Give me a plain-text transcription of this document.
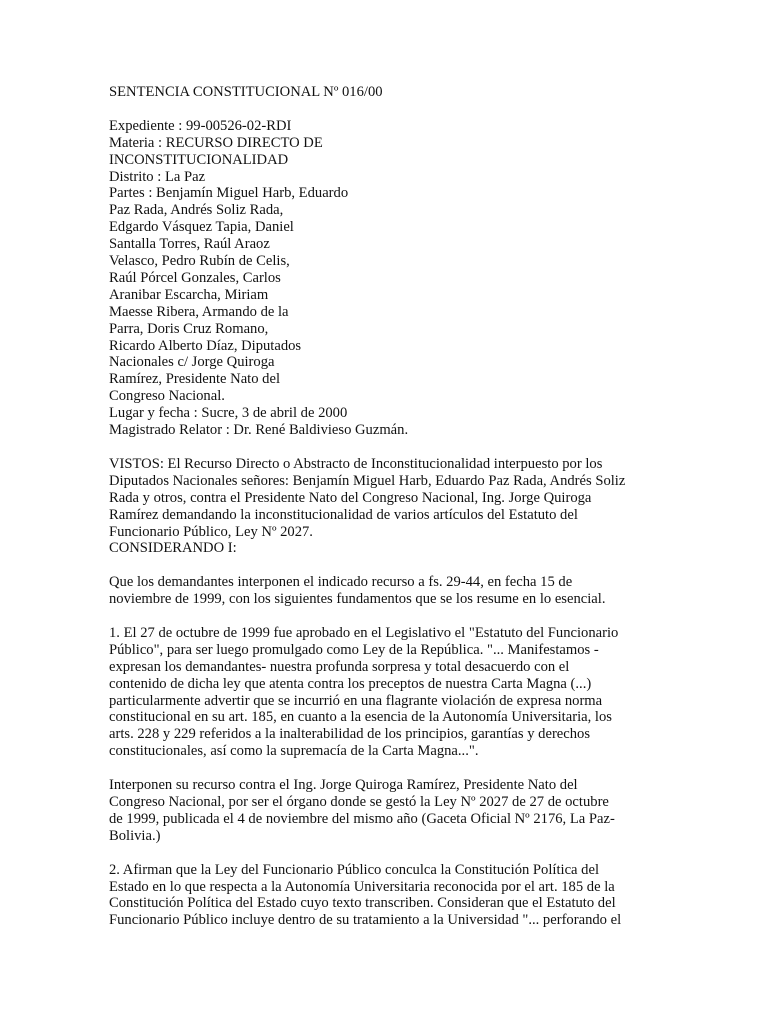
SENTENCIA CONSTITUCIONAL Nº 016/00
Expediente : 99-00526-02-RDI
Materia : RECURSO DIRECTO DE
INCONSTITUCIONALIDAD
Distrito : La Paz
Partes : Benjamín Miguel Harb, Eduardo
Paz Rada, Andrés Soliz Rada,
Edgardo Vásquez Tapia, Daniel
Santalla Torres, Raúl Araoz
Velasco, Pedro Rubín de Celis,
Raúl Pórcel Gonzales, Carlos
Aranibar Escarcha, Miriam
Maesse Ribera, Armando de la
Parra, Doris Cruz Romano,
Ricardo Alberto Díaz, Diputados
Nacionales c/ Jorge Quiroga
Ramírez, Presidente Nato del
Congreso Nacional.
Lugar y fecha : Sucre, 3 de abril de 2000
Magistrado Relator : Dr. René Baldivieso Guzmán.
VISTOS: El Recurso Directo o Abstracto de Inconstitucionalidad interpuesto por los
Diputados Nacionales señores: Benjamín Miguel Harb, Eduardo Paz Rada, Andrés Soliz
Rada y otros, contra el Presidente Nato del Congreso Nacional, Ing. Jorge Quiroga
Ramírez demandando la inconstitucionalidad de varios artículos del Estatuto del
Funcionario Público, Ley Nº 2027.
CONSIDERANDO I:
Que los demandantes interponen el indicado recurso a fs. 29-44, en fecha 15 de
noviembre de 1999, con los siguientes fundamentos que se los resume en lo esencial.
1. El 27 de octubre de 1999 fue aprobado en el Legislativo el "Estatuto del Funcionario
Público", para ser luego promulgado como Ley de la República. "... Manifestamos -
expresan los demandantes- nuestra profunda sorpresa y total desacuerdo con el
contenido de dicha ley que atenta contra los preceptos de nuestra Carta Magna (...)
particularmente advertir que se incurrió en una flagrante violación de expresa norma
constitucional en su art. 185, en cuanto a la esencia de la Autonomía Universitaria, los
arts. 228 y 229 referidos a la inalterabilidad de los principios, garantías y derechos
constitucionales, así como la supremacía de la Carta Magna...".
Interponen su recurso contra el Ing. Jorge Quiroga Ramírez, Presidente Nato del
Congreso Nacional, por ser el órgano donde se gestó la Ley Nº 2027 de 27 de octubre
de 1999, publicada el 4 de noviembre del mismo año (Gaceta Oficial Nº 2176, La Paz-
Bolivia.)
2. Afirman que la Ley del Funcionario Público conculca la Constitución Política del
Estado en lo que respecta a la Autonomía Universitaria reconocida por el art. 185 de la
Constitución Política del Estado cuyo texto transcriben. Consideran que el Estatuto del
Funcionario Público incluye dentro de su tratamiento a la Universidad "... perforando el
